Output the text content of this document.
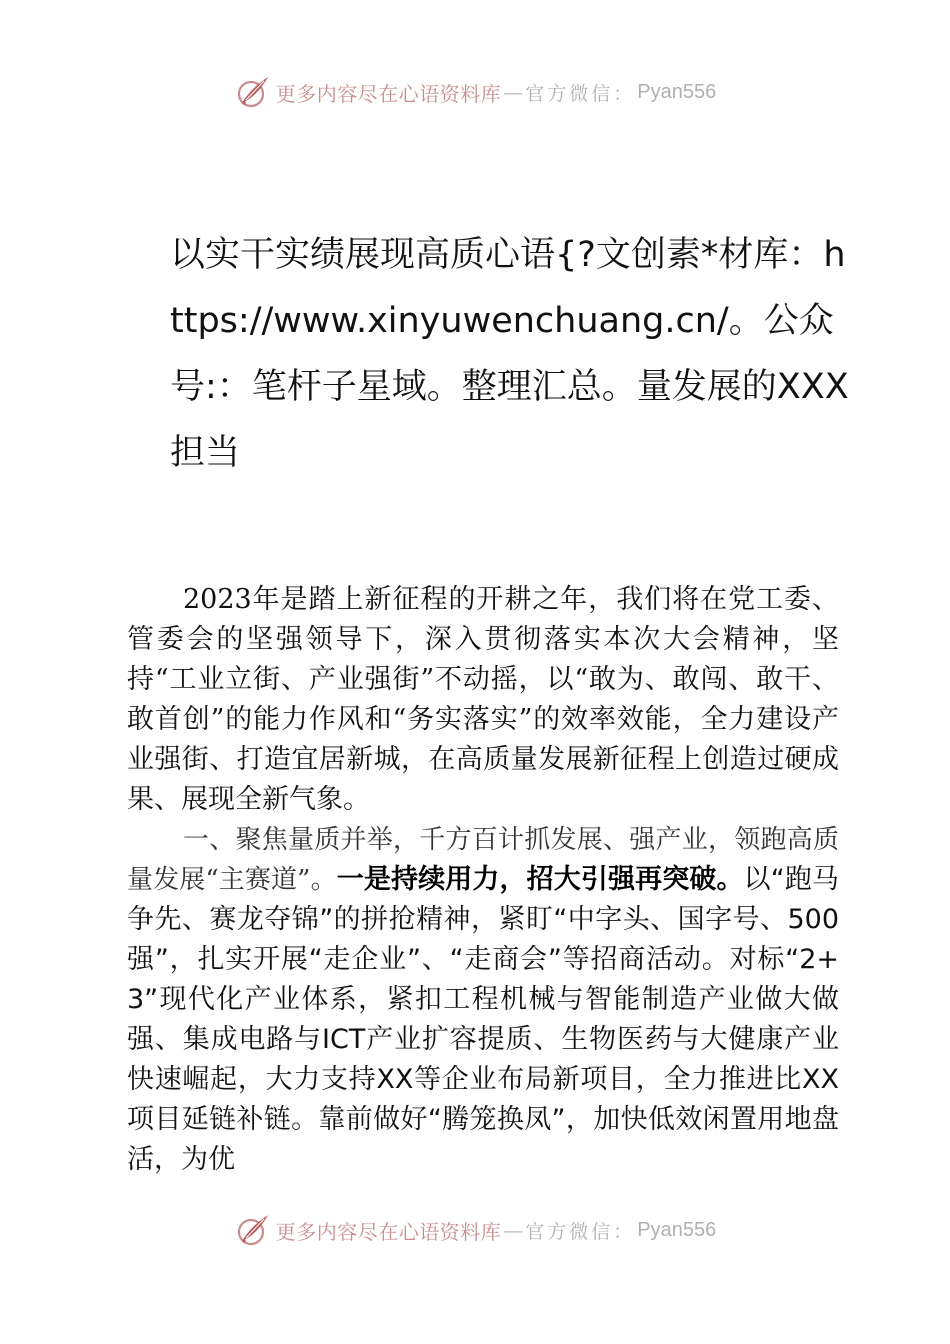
更多内容尽在心语资料库 — 官方微信： Pyan556
以实干实绩展现高质心语{?文创素*材库：https://www.xinyuwenchuang.cn/。公众号:：笔杆子星域。整理汇总。量发展的XXX担当

2023年是踏上新征程的开耕之年，我们将在党工委、管委会的坚强领导下，深入贯彻落实本次大会精神，坚持“工业立街、产业强街”不动摇，以“敢为、敢闯、敢干、敢首创”的能力作风和“务实落实”的效率效能，全力建设产业强街、打造宜居新城，在高质量发展新征程上创造过硬成果、展现全新气象。

一、聚焦量质并举，千方百计抓发展、强产业，领跑高质量发展“主赛道”。一是持续用力，招大引强再突破。以“跑马争先、赛龙夺锦”的拼抢精神，紧盯“中字头、国字号、500强”，扎实开展“走企业”、“走商会”等招商活动。对标“2+3”现代化产业体系，紧扣工程机械与智能制造产业做大做强、集成电路与ICT产业扩容提质、生物医药与大健康产业快速崛起，大力支持XX等企业布局新项目，全力推进比XX项目延链补链。靠前做好“腾笼换凤”，加快低效闲置用地盘活，为优

更多内容尽在心语资料库 — 官方微信： Pyan556
